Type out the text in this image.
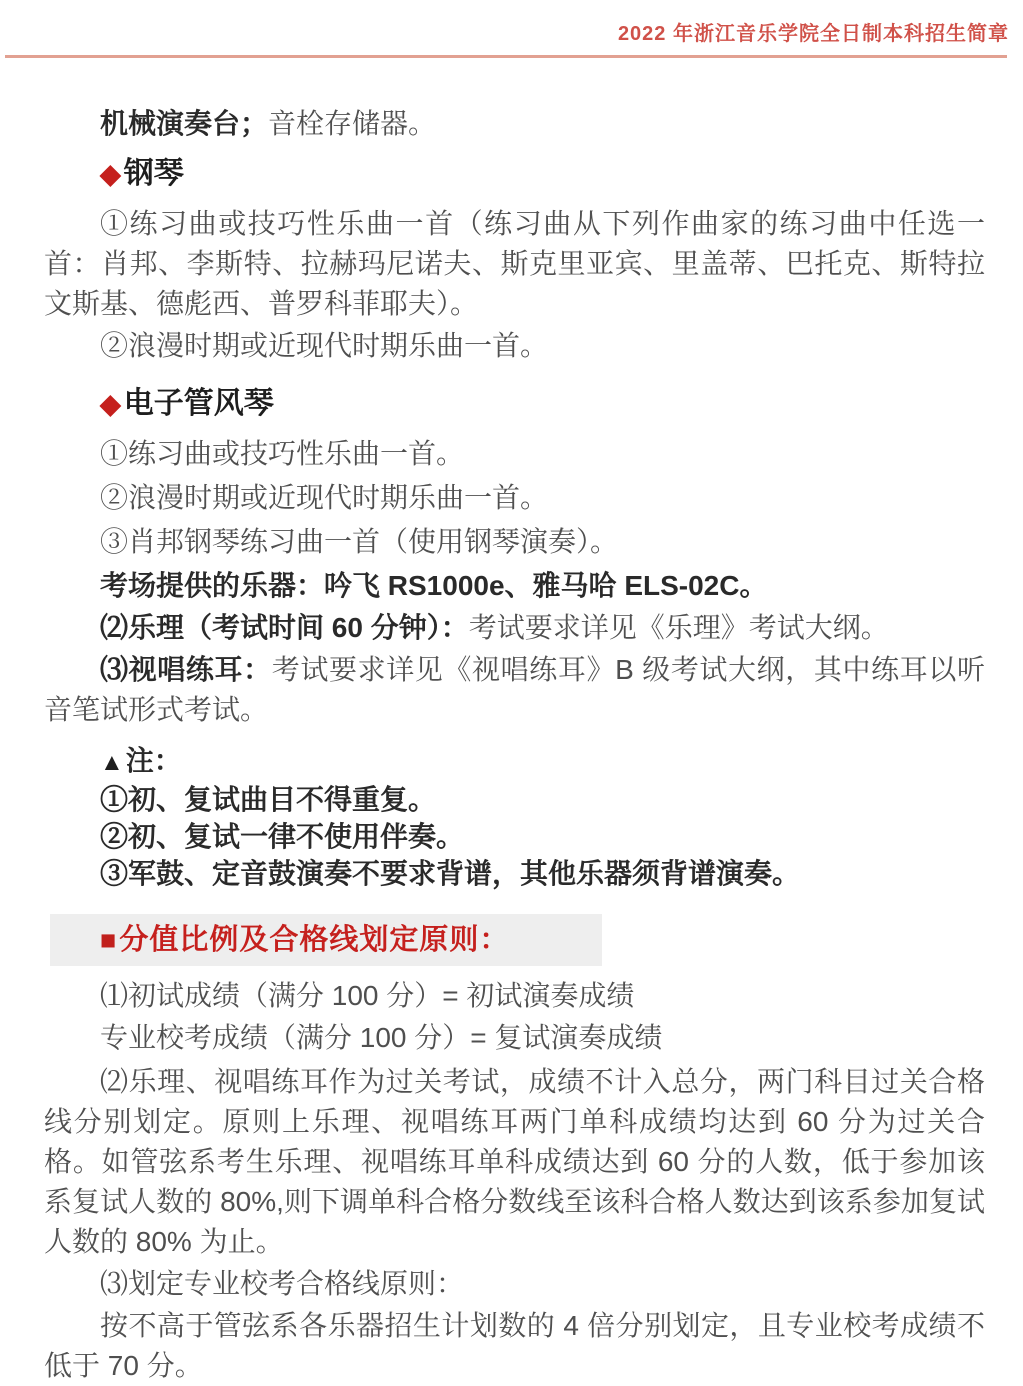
2022 年浙江音乐学院全日制本科招生简章

机械演奏台；音栓存储器。

◆ 钢琴

①练习曲或技巧性乐曲一首（练习曲从下列作曲家的练习曲中任选一首：肖邦、李斯特、拉赫玛尼诺夫、斯克里亚宾、里盖蒂、巴托克、斯特拉文斯基、德彪西、普罗科菲耶夫）。

②浪漫时期或近现代时期乐曲一首。

◆ 电子管风琴

①练习曲或技巧性乐曲一首。

②浪漫时期或近现代时期乐曲一首。

③肖邦钢琴练习曲一首（使用钢琴演奏）。

考场提供的乐器：吟飞 RS1000e、雅马哈 ELS-02C。

⑵乐理（考试时间 60 分钟）：考试要求详见《乐理》考试大纲。

⑶视唱练耳：考试要求详见《视唱练耳》B 级考试大纲，其中练耳以听音笔试形式考试。

▲注：

①初、复试曲目不得重复。

②初、复试一律不使用伴奏。

③军鼓、定音鼓演奏不要求背谱，其他乐器须背谱演奏。

■ 分值比例及合格线划定原则：

⑴初试成绩（满分 100 分）= 初试演奏成绩

专业校考成绩（满分 100 分）= 复试演奏成绩

⑵乐理、视唱练耳作为过关考试，成绩不计入总分，两门科目过关合格线分别划定。原则上乐理、视唱练耳两门单科成绩均达到 60 分为过关合格。如管弦系考生乐理、视唱练耳单科成绩达到 60 分的人数，低于参加该系复试人数的 80%,则下调单科合格分数线至该科合格人数达到该系参加复试人数的 80% 为止。

⑶划定专业校考合格线原则：

按不高于管弦系各乐器招生计划数的 4 倍分别划定，且专业校考成绩不低于 70 分。
